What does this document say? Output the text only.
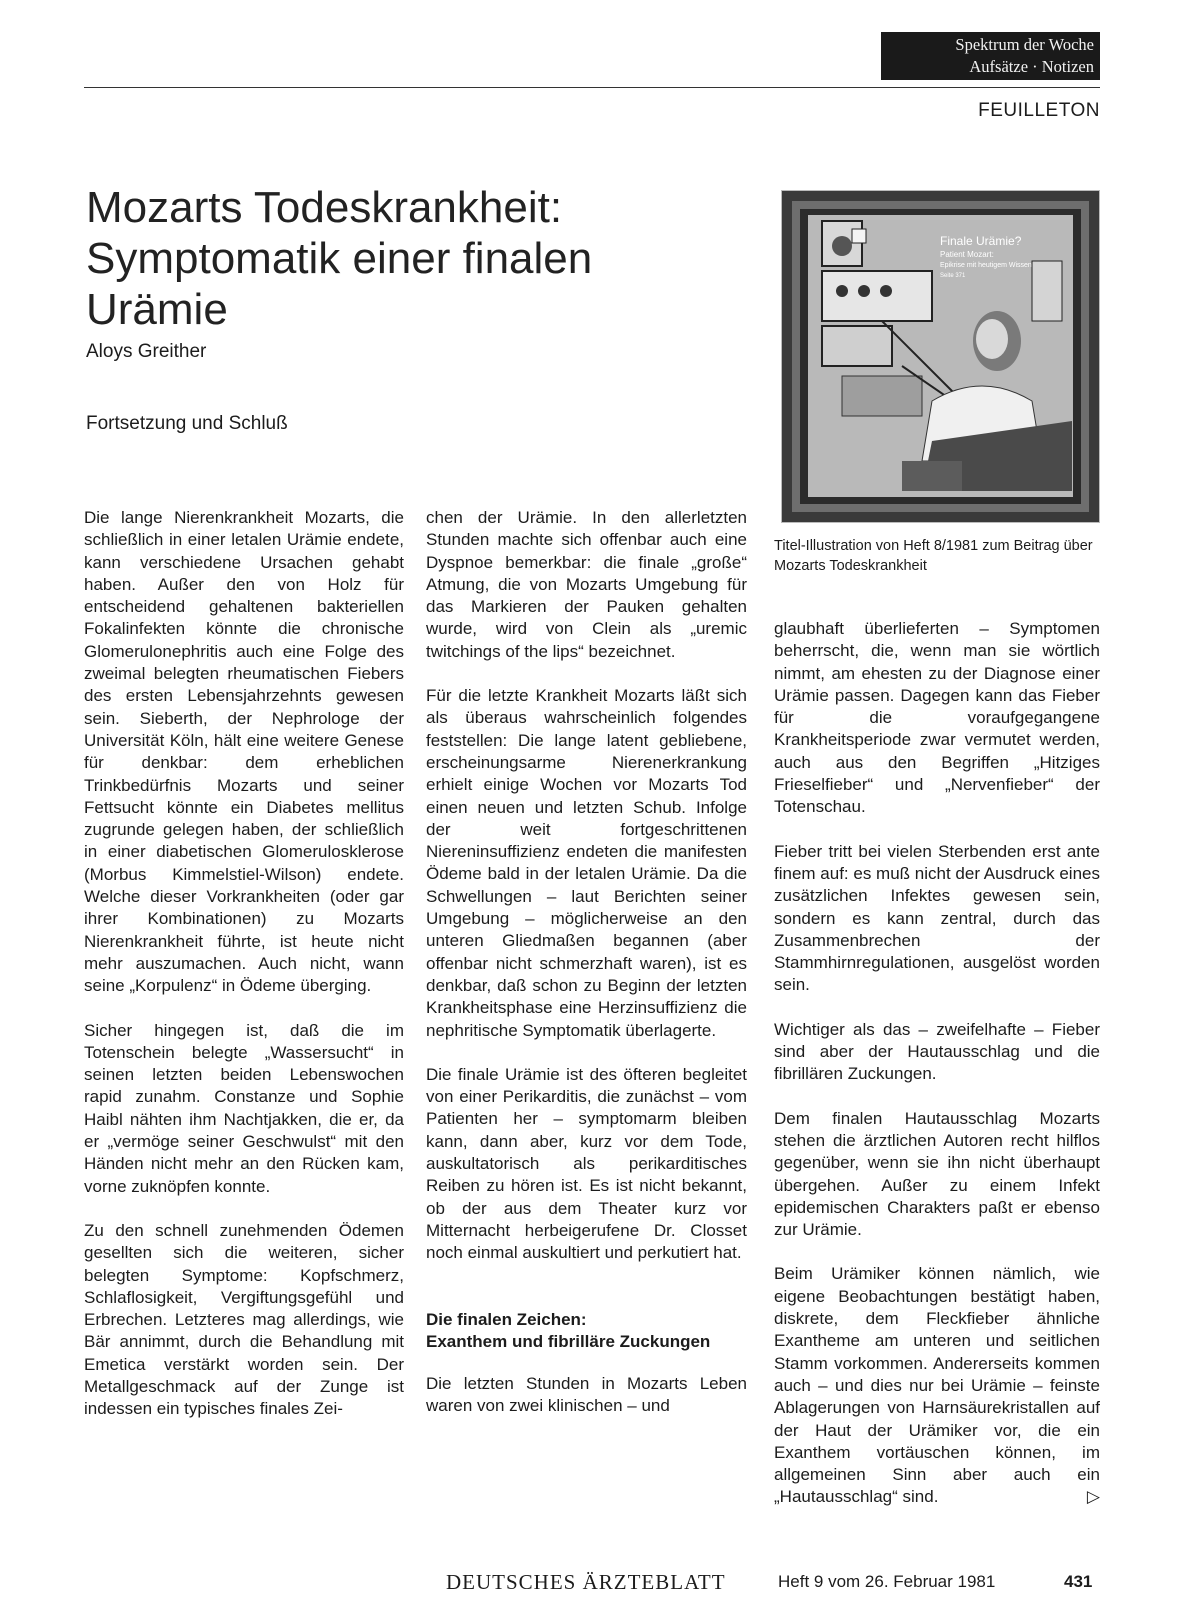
Spektrum der Woche
Aufsätze · Notizen
FEUILLETON
Mozarts Todeskrankheit:
Symptomatik einer finalen Urämie
Aloys Greither
Fortsetzung und Schluß
Finale Urämie?
Patient Mozart:
Epikrise mit heutigem Wissen
Seite 371
Titel-Illustration von Heft 8/1981 zum Beitrag über Mozarts Todeskrankheit

Die lange Nierenkrankheit Mozarts, die schließlich in einer letalen Urämie endete, kann verschiedene Ursachen gehabt haben. Außer den von Holz für entscheidend gehaltenen bakteriellen Fokalinfekten könnte die chronische Glomerulonephritis auch eine Folge des zweimal belegten rheumatischen Fiebers des ersten Lebensjahrzehnts gewesen sein. Sieberth, der Nephrologe der Universität Köln, hält eine weitere Genese für denkbar: dem erheblichen Trinkbedürfnis Mozarts und seiner Fettsucht könnte ein Diabetes mellitus zugrunde gelegen haben, der schließlich in einer diabetischen Glomerulosklerose (Morbus Kimmelstiel-Wilson) endete. Welche dieser Vorkrankheiten (oder gar ihrer Kombinationen) zu Mozarts Nierenkrankheit führte, ist heute nicht mehr auszumachen. Auch nicht, wann seine „Korpulenz“ in Ödeme überging.

Sicher hingegen ist, daß die im Totenschein belegte „Wassersucht“ in seinen letzten beiden Lebenswochen rapid zunahm. Constanze und Sophie Haibl nähten ihm Nachtjakken, die er, da er „vermöge seiner Geschwulst“ mit den Händen nicht mehr an den Rücken kam, vorne zuknöpfen konnte.

Zu den schnell zunehmenden Ödemen gesellten sich die weiteren, sicher belegten Symptome: Kopfschmerz, Schlaflosigkeit, Vergiftungsgefühl und Erbrechen. Letzteres mag allerdings, wie Bär annimmt, durch die Behandlung mit Emetica verstärkt worden sein. Der Metallgeschmack auf der Zunge ist indessen ein typisches finales Zei-

chen der Urämie. In den allerletzten Stunden machte sich offenbar auch eine Dyspnoe bemerkbar: die finale „große“ Atmung, die von Mozarts Umgebung für das Markieren der Pauken gehalten wurde, wird von Clein als „uremic twitchings of the lips“ bezeichnet.

Für die letzte Krankheit Mozarts läßt sich als überaus wahrscheinlich folgendes feststellen: Die lange latent gebliebene, erscheinungsarme Nierenerkrankung erhielt einige Wochen vor Mozarts Tod einen neuen und letzten Schub. Infolge der weit fortgeschrittenen Niereninsuffizienz endeten die manifesten Ödeme bald in der letalen Urämie. Da die Schwellungen – laut Berichten seiner Umgebung – möglicherweise an den unteren Gliedmaßen begannen (aber offenbar nicht schmerzhaft waren), ist es denkbar, daß schon zu Beginn der letzten Krankheitsphase eine Herzinsuffizienz die nephritische Symptomatik überlagerte.

Die finale Urämie ist des öfteren begleitet von einer Perikarditis, die zunächst – vom Patienten her – symptomarm bleiben kann, dann aber, kurz vor dem Tode, auskultatorisch als perikarditisches Reiben zu hören ist. Es ist nicht bekannt, ob der aus dem Theater kurz vor Mitternacht herbeigerufene Dr. Closset noch einmal auskultiert und perkutiert hat.

Die finalen Zeichen:
Exanthem und fibrilläre Zuckungen

Die letzten Stunden in Mozarts Leben waren von zwei klinischen – und

glaubhaft überlieferten – Symptomen beherrscht, die, wenn man sie wörtlich nimmt, am ehesten zu der Diagnose einer Urämie passen. Dagegen kann das Fieber für die voraufgegangene Krankheitsperiode zwar vermutet werden, auch aus den Begriffen „Hitziges Frieselfieber“ und „Nervenfieber“ der Totenschau.

Fieber tritt bei vielen Sterbenden erst ante finem auf: es muß nicht der Ausdruck eines zusätzlichen Infektes gewesen sein, sondern es kann zentral, durch das Zusammenbrechen der Stammhirnregulationen, ausgelöst worden sein.

Wichtiger als das – zweifelhafte – Fieber sind aber der Hautausschlag und die fibrillären Zuckungen.

Dem finalen Hautausschlag Mozarts stehen die ärztlichen Autoren recht hilflos gegenüber, wenn sie ihn nicht überhaupt übergehen. Außer zu einem Infekt epidemischen Charakters paßt er ebenso zur Urämie.

Beim Urämiker können nämlich, wie eigene Beobachtungen bestätigt haben, diskrete, dem Fleckfieber ähnliche Exantheme am unteren und seitlichen Stamm vorkommen. Andererseits kommen auch – und dies nur bei Urämie – feinste Ablagerungen von Harnsäurekristallen auf der Haut der Urämiker vor, die ein Exanthem vortäuschen können, im allgemeinen Sinn aber auch ein „Hautausschlag“ sind.	▷

DEUTSCHES ÄRZTEBLATT	Heft 9 vom 26. Februar 1981	431
